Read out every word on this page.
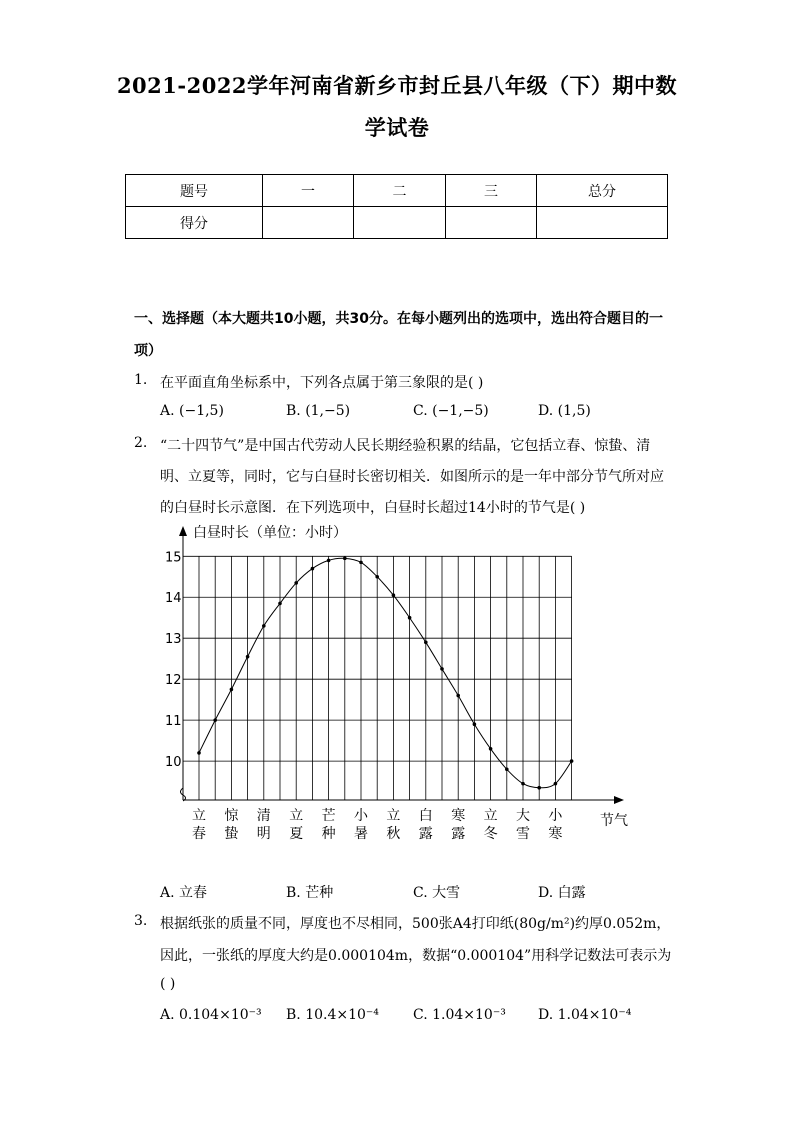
2021-2022学年河南省新乡市封丘县八年级（下）期中数
学试卷
题号	一	二	三	总分
得分				
一、选择题（本大题共10小题，共30分。在每小题列出的选项中，选出符合题目的一
项）
1. 在平面直角坐标系中，下列各点属于第三象限的是( )
A. (−1,5)	B. (1,−5)	C. (−1,−5)	D. (1,5)
2. “二十四节气”是中国古代劳动人民长期经验积累的结晶，它包括立春、惊蛰、清
明、立夏等，同时，它与白昼时长密切相关．如图所示的是一年中部分节气所对应
的白昼时长示意图．在下列选项中，白昼时长超过14小时的节气是( )
10
11
12
13
14
15
立
春
惊
蛰
清
明
立
夏
芒
种
小
暑
立
秋
白
露
寒
露
立
冬
大
雪
小
寒
白昼时长（单位：小时）
节气
A. 立春	B. 芒种	C. 大雪	D. 白露
3. 根据纸张的质量不同，厚度也不尽相同，500张A4打印纸(80g/m²)约厚0.052m，
因此，一张纸的厚度大约是0.000104m，数据“0.000104”用科学记数法可表示为
( )
A. 0.104×10⁻³ B. 10.4×10⁻⁴ C. 1.04×10⁻³ D. 1.04×10⁻⁴
